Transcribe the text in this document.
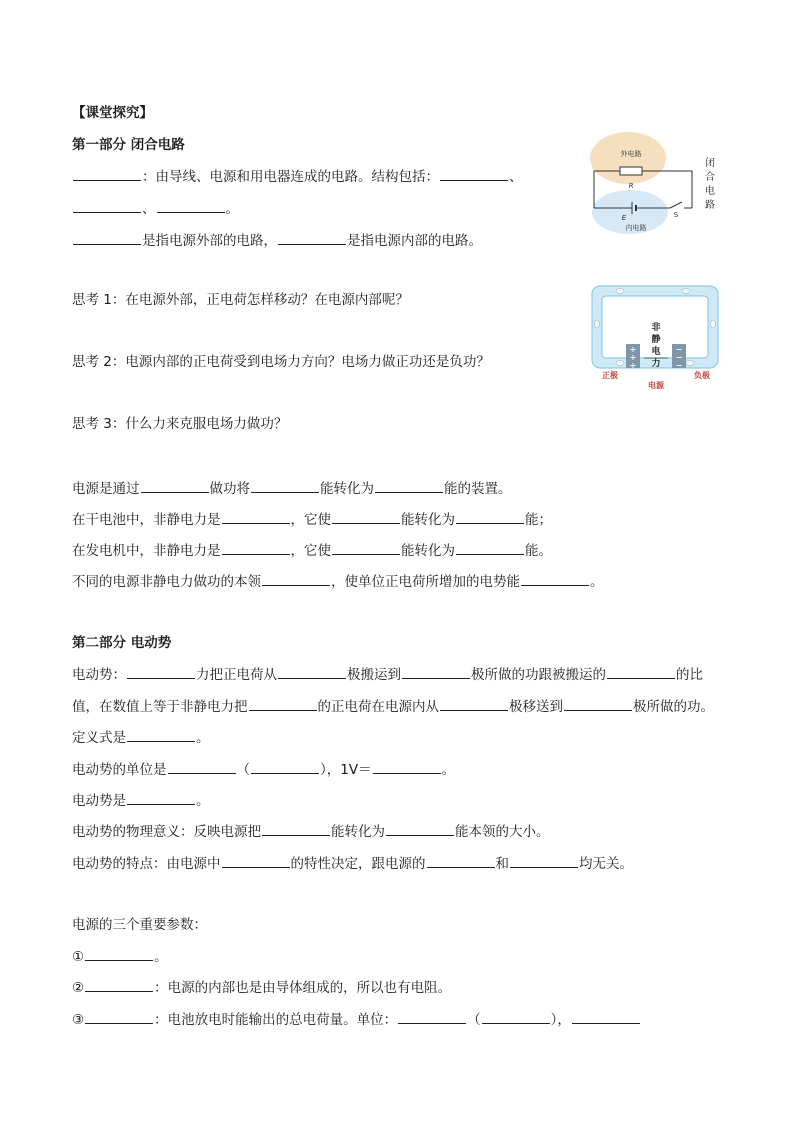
【课堂探究】
第一部分 闭合电路
：由导线、电源和用电器连成的电路。结构包括：	、
、	。
是指电源外部的电路，	是指电源内部的电路。
外电路
R
E	S
内电路
闭
合
电
路
思考 1：在电源外部，正电荷怎样移动？在电源内部呢？
思考 2：电源内部的正电荷受到电场力方向？电场力做正功还是负功？
思考 3：什么力来克服电场力做功？
+
+
+
−
−
−
非
静
电
力
正极	负极
电源
电源是通过	做功将	能转化为	能的装置。
在干电池中，非静电力是	，它使	能转化为	能；
在发电机中，非静电力是	，它使	能转化为	能。
不同的电源非静电力做功的本领	，使单位正电荷所增加的电势能	。
第二部分 电动势
电动势：	力把正电荷从	极搬运到	极所做的功跟被搬运的	的比
值，在数值上等于非静电力把	的正电荷在电源内从	极移送到	极所做的功。
定义式是	。
电动势的单位是	（	），1V＝	。
电动势是	。
电动势的物理意义：反映电源把	能转化为	能本领的大小。
电动势的特点：由电源中	的特性决定，跟电源的	和	均无关。
电源的三个重要参数：
①	。
②	：电源的内部也是由导体组成的，所以也有电阻。
③	：电池放电时能输出的总电荷量。单位：	（	），
